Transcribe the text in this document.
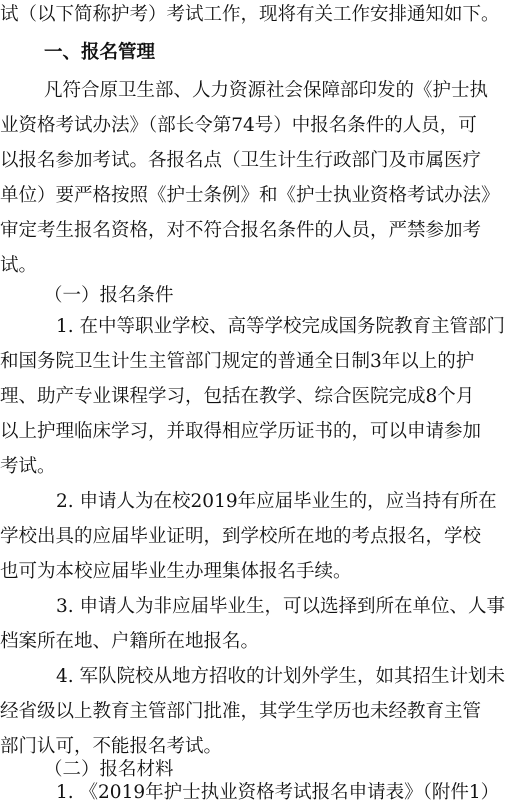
试（以下简称护考）考试工作，现将有关工作安排通知如下。
一、报名管理
凡符合原卫生部、人力资源社会保障部印发的《护士执
业资格考试办法》（部长令第74号）中报名条件的人员，可
以报名参加考试。各报名点（卫生计生行政部门及市属医疗
单位）要严格按照《护士条例》和《护士执业资格考试办法》
审定考生报名资格，对不符合报名条件的人员，严禁参加考
试。
（一）报名条件
1. 在中等职业学校、高等学校完成国务院教育主管部门
和国务院卫生计生主管部门规定的普通全日制3年以上的护
理、助产专业课程学习，包括在教学、综合医院完成8个月
以上护理临床学习，并取得相应学历证书的，可以申请参加
考试。
2. 申请人为在校2019年应届毕业生的，应当持有所在
学校出具的应届毕业证明，到学校所在地的考点报名，学校
也可为本校应届毕业生办理集体报名手续。
3. 申请人为非应届毕业生，可以选择到所在单位、人事
档案所在地、户籍所在地报名。
4. 军队院校从地方招收的计划外学生，如其招生计划未
经省级以上教育主管部门批准，其学生学历也未经教育主管
部门认可，不能报名考试。
（二）报名材料
1. 《2019年护士执业资格考试报名申请表》（附件1）
